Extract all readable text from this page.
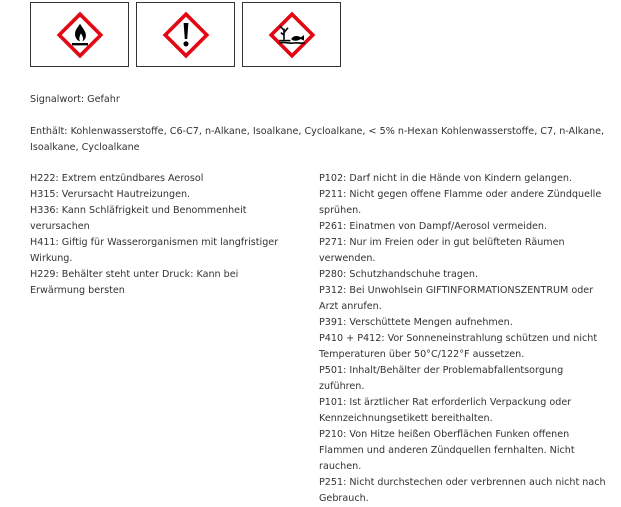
Signalwort: Gefahr
Enthält: Kohlenwasserstoffe, C6-C7, n-Alkane, Isoalkane, Cycloalkane, < 5% n-Hexan Kohlenwasserstoffe, C7, n-Alkane, Isoalkane, Cycloalkane
H222: Extrem entzündbares Aerosol
H315: Verursacht Hautreizungen.
H336: Kann Schläfrigkeit und Benommenheit verursachen
H411: Giftig für Wasserorganismen mit langfristiger Wirkung.
H229: Behälter steht unter Druck: Kann bei Erwärmung bersten
P102: Darf nicht in die Hände von Kindern gelangen.
P211: Nicht gegen offene Flamme oder andere Zündquelle sprühen.
P261: Einatmen von Dampf/Aerosol vermeiden.
P271: Nur im Freien oder in gut belüfteten Räumen verwenden.
P280: Schutzhandschuhe tragen.
P312: Bei Unwohlsein GIFTINFORMATIONSZENTRUM oder Arzt anrufen.
P391: Verschüttete Mengen aufnehmen.
P410 + P412: Vor Sonneneinstrahlung schützen und nicht Temperaturen über 50°C/122°F aussetzen.
P501: Inhalt/Behälter der Problemabfallentsorgung zuführen.
P101: Ist ärztlicher Rat erforderlich Verpackung oder Kennzeichnungsetikett bereithalten.
P210: Von Hitze heißen Oberflächen Funken offenen Flammen und anderen Zündquellen fernhalten. Nicht rauchen.
P251: Nicht durchstechen oder verbrennen auch nicht nach Gebrauch.
